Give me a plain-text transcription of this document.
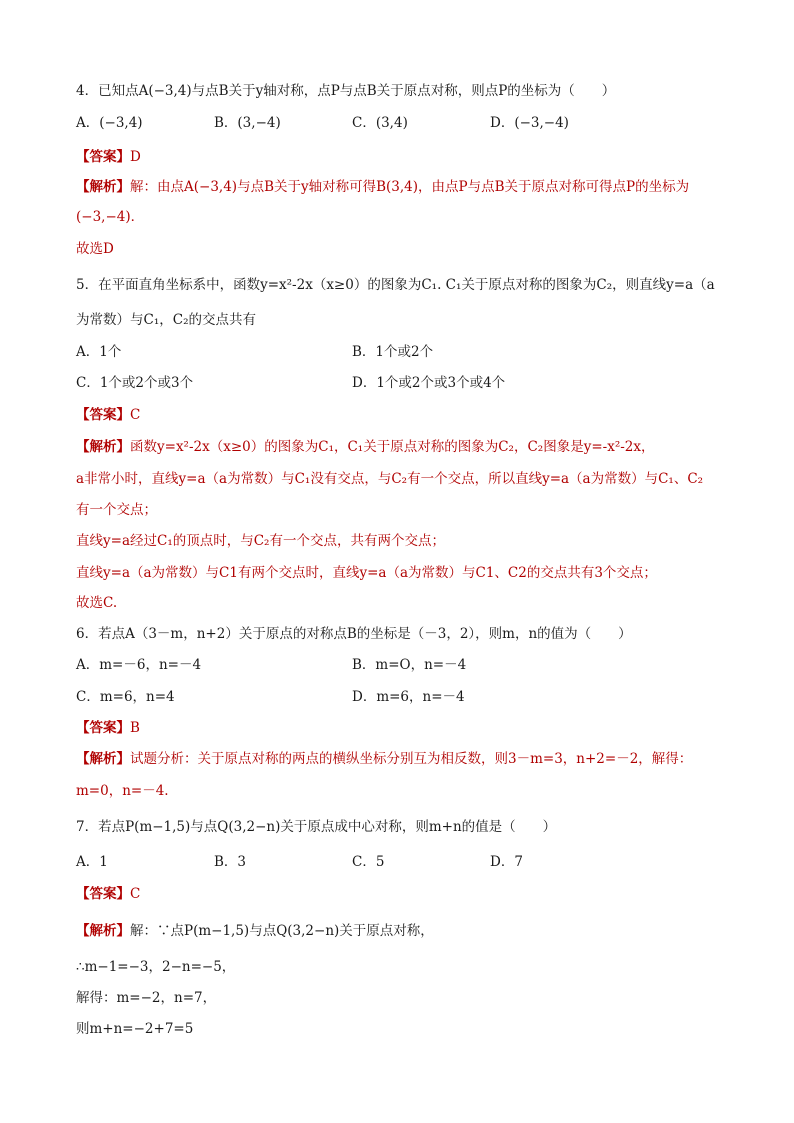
4．已知点A(−3,4)与点B关于y轴对称，点P与点B关于原点对称，则点P的坐标为（　　）
A．(−3,4)	B．(3,−4)	C．(3,4)	D．(−3,−4)
【答案】D
【解析】解：由点A(−3,4)与点B关于y轴对称可得B(3,4)，由点P与点B关于原点对称可得点P的坐标为
(−3,−4)．
故选D
5．在平面直角坐标系中，函数y=x²-2x（x≥0）的图象为C₁. C₁关于原点对称的图象为C₂，则直线y=a（a
为常数）与C₁，C₂的交点共有
A．1个	B．1个或2个
C．1个或2个或3个	D．1个或2个或3个或4个
【答案】C
【解析】函数y=x²-2x（x≥0）的图象为C₁，C₁关于原点对称的图象为C₂，C₂图象是y=-x²-2x，
a非常小时，直线y=a（a为常数）与C₁没有交点，与C₂有一个交点，所以直线y=a（a为常数）与C₁、C₂
有一个交点；
直线y=a经过C₁的顶点时，与C₂有一个交点，共有两个交点；
直线y=a（a为常数）与C1有两个交点时，直线y=a（a为常数）与C1、C2的交点共有3个交点；
故选C.
6．若点A（3－m，n+2）关于原点的对称点B的坐标是（－3，2），则m，n的值为（　　）
A．m=－6，n=－4	B．m=O，n=－4
C．m=6，n=4	D．m=6，n=－4
【答案】B
【解析】试题分析：关于原点对称的两点的横纵坐标分别互为相反数，则3－m=3，n+2=－2，解得：
m=0，n=－4.
7．若点P(m−1,5)与点Q(3,2−n)关于原点成中心对称，则m+n的值是（　　）
A．1	B．3	C．5	D．7
【答案】C
【解析】解：∵点P(m−1,5)与点Q(3,2−n)关于原点对称，
∴m−1=−3，2−n=−5，
解得：m=−2，n=7，
则m+n=−2+7=5
